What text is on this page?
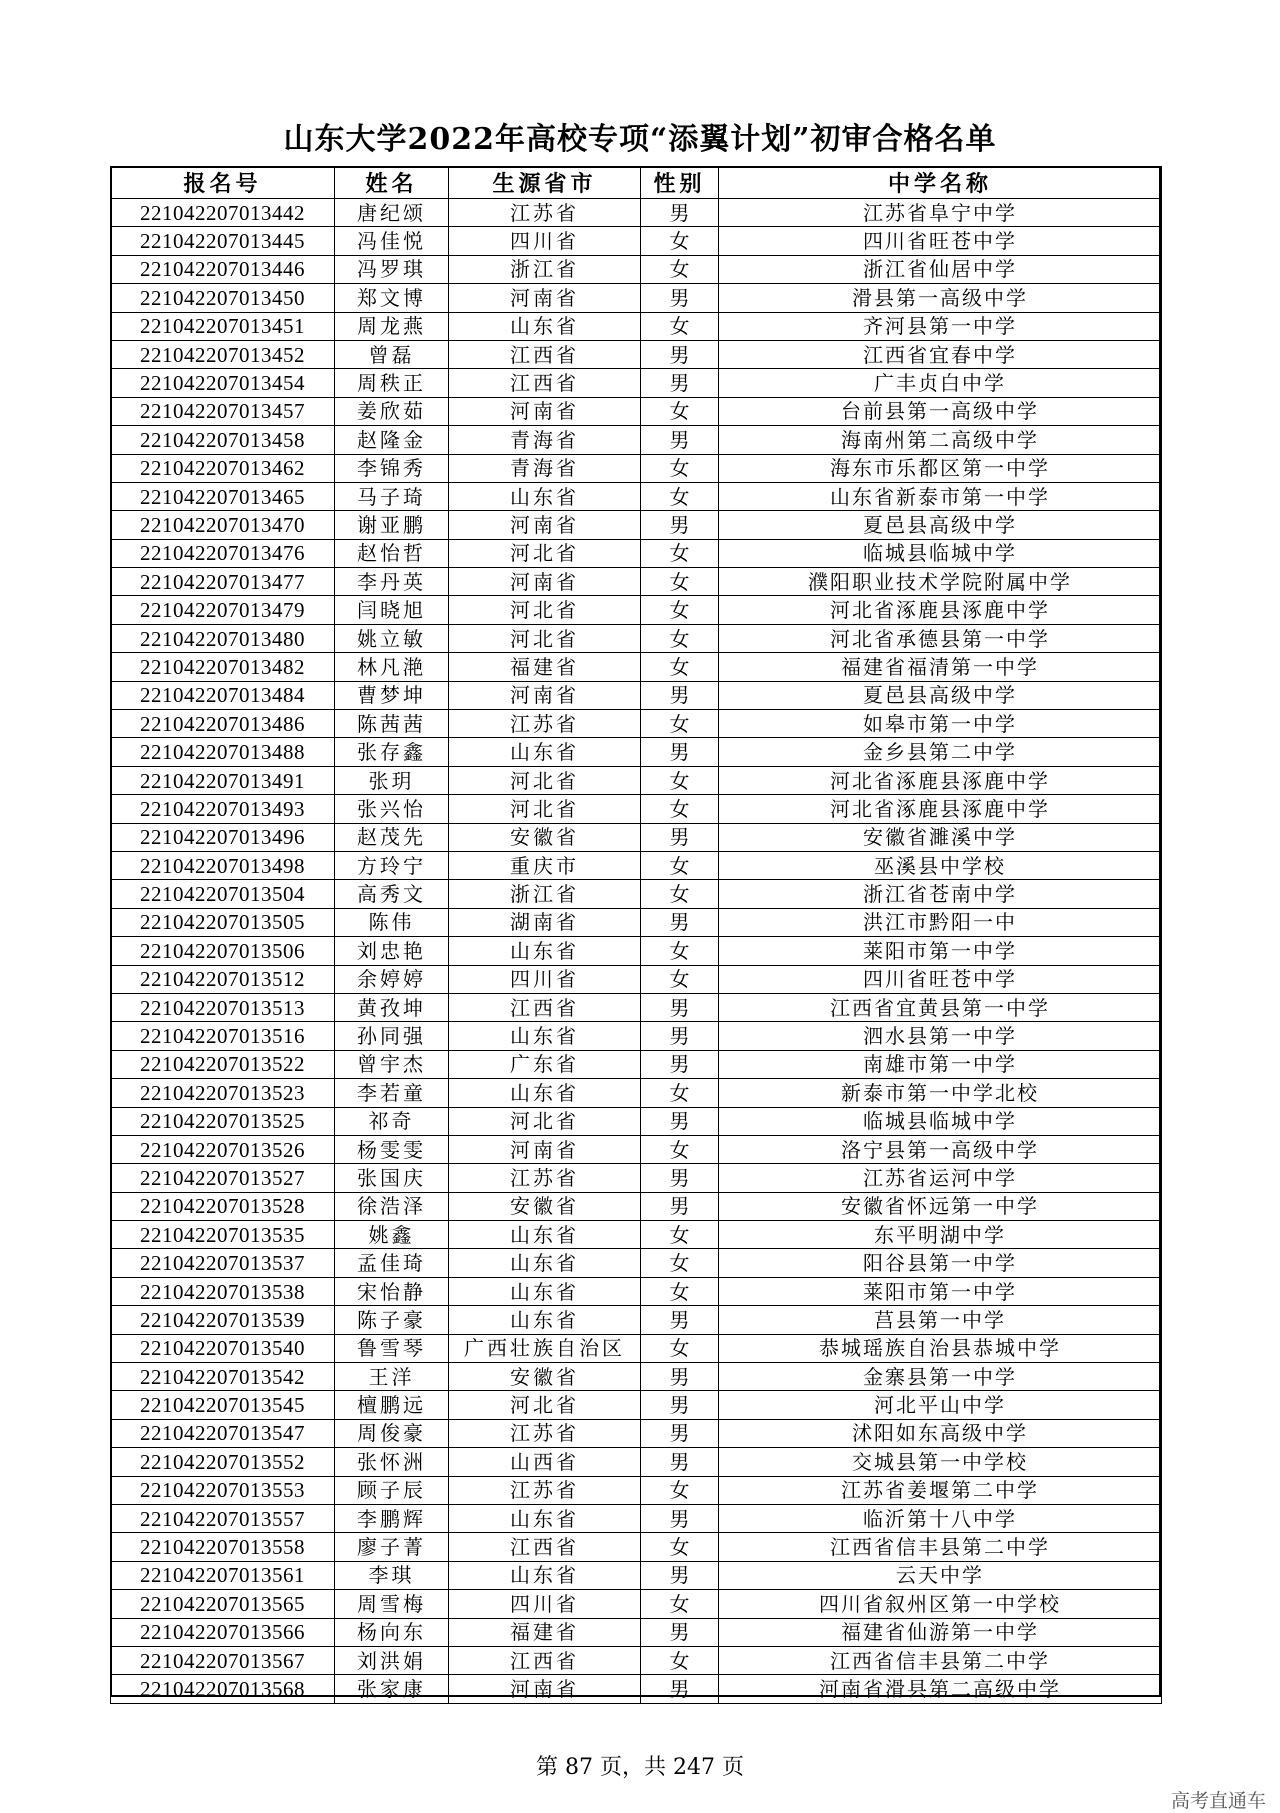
山东大学2022年高校专项“添翼计划”初审合格名单
报名号	姓名	生源省市	性别	中学名称
221042207013442	唐纪颂	江苏省	男	江苏省阜宁中学
221042207013445	冯佳悦	四川省	女	四川省旺苍中学
221042207013446	冯罗琪	浙江省	女	浙江省仙居中学
221042207013450	郑文博	河南省	男	滑县第一高级中学
221042207013451	周龙燕	山东省	女	齐河县第一中学
221042207013452	曾磊	江西省	男	江西省宜春中学
221042207013454	周秩正	江西省	男	广丰贞白中学
221042207013457	姜欣茹	河南省	女	台前县第一高级中学
221042207013458	赵隆金	青海省	男	海南州第二高级中学
221042207013462	李锦秀	青海省	女	海东市乐都区第一中学
221042207013465	马子琦	山东省	女	山东省新泰市第一中学
221042207013470	谢亚鹏	河南省	男	夏邑县高级中学
221042207013476	赵怡哲	河北省	女	临城县临城中学
221042207013477	李丹英	河南省	女	濮阳职业技术学院附属中学
221042207013479	闫晓旭	河北省	女	河北省涿鹿县涿鹿中学
221042207013480	姚立敏	河北省	女	河北省承德县第一中学
221042207013482	林凡滟	福建省	女	福建省福清第一中学
221042207013484	曹梦坤	河南省	男	夏邑县高级中学
221042207013486	陈茜茜	江苏省	女	如皋市第一中学
221042207013488	张存鑫	山东省	男	金乡县第二中学
221042207013491	张玥	河北省	女	河北省涿鹿县涿鹿中学
221042207013493	张兴怡	河北省	女	河北省涿鹿县涿鹿中学
221042207013496	赵茂先	安徽省	男	安徽省濉溪中学
221042207013498	方玲宁	重庆市	女	巫溪县中学校
221042207013504	高秀文	浙江省	女	浙江省苍南中学
221042207013505	陈伟	湖南省	男	洪江市黔阳一中
221042207013506	刘忠艳	山东省	女	莱阳市第一中学
221042207013512	余婷婷	四川省	女	四川省旺苍中学
221042207013513	黄孜坤	江西省	男	江西省宜黄县第一中学
221042207013516	孙同强	山东省	男	泗水县第一中学
221042207013522	曾宇杰	广东省	男	南雄市第一中学
221042207013523	李若童	山东省	女	新泰市第一中学北校
221042207013525	祁奇	河北省	男	临城县临城中学
221042207013526	杨雯雯	河南省	女	洛宁县第一高级中学
221042207013527	张国庆	江苏省	男	江苏省运河中学
221042207013528	徐浩泽	安徽省	男	安徽省怀远第一中学
221042207013535	姚鑫	山东省	女	东平明湖中学
221042207013537	孟佳琦	山东省	女	阳谷县第一中学
221042207013538	宋怡静	山东省	女	莱阳市第一中学
221042207013539	陈子豪	山东省	男	莒县第一中学
221042207013540	鲁雪琴	广西壮族自治区	女	恭城瑶族自治县恭城中学
221042207013542	王洋	安徽省	男	金寨县第一中学
221042207013545	檀鹏远	河北省	男	河北平山中学
221042207013547	周俊豪	江苏省	男	沭阳如东高级中学
221042207013552	张怀洲	山西省	男	交城县第一中学校
221042207013553	顾子辰	江苏省	女	江苏省姜堰第二中学
221042207013557	李鹏辉	山东省	男	临沂第十八中学
221042207013558	廖子菁	江西省	女	江西省信丰县第二中学
221042207013561	李琪	山东省	男	云天中学
221042207013565	周雪梅	四川省	女	四川省叙州区第一中学校
221042207013566	杨向东	福建省	男	福建省仙游第一中学
221042207013567	刘洪娟	江西省	女	江西省信丰县第二中学
221042207013568	张家康	河南省	男	河南省滑县第二高级中学
第 87 页，共 247 页
高考直通车
